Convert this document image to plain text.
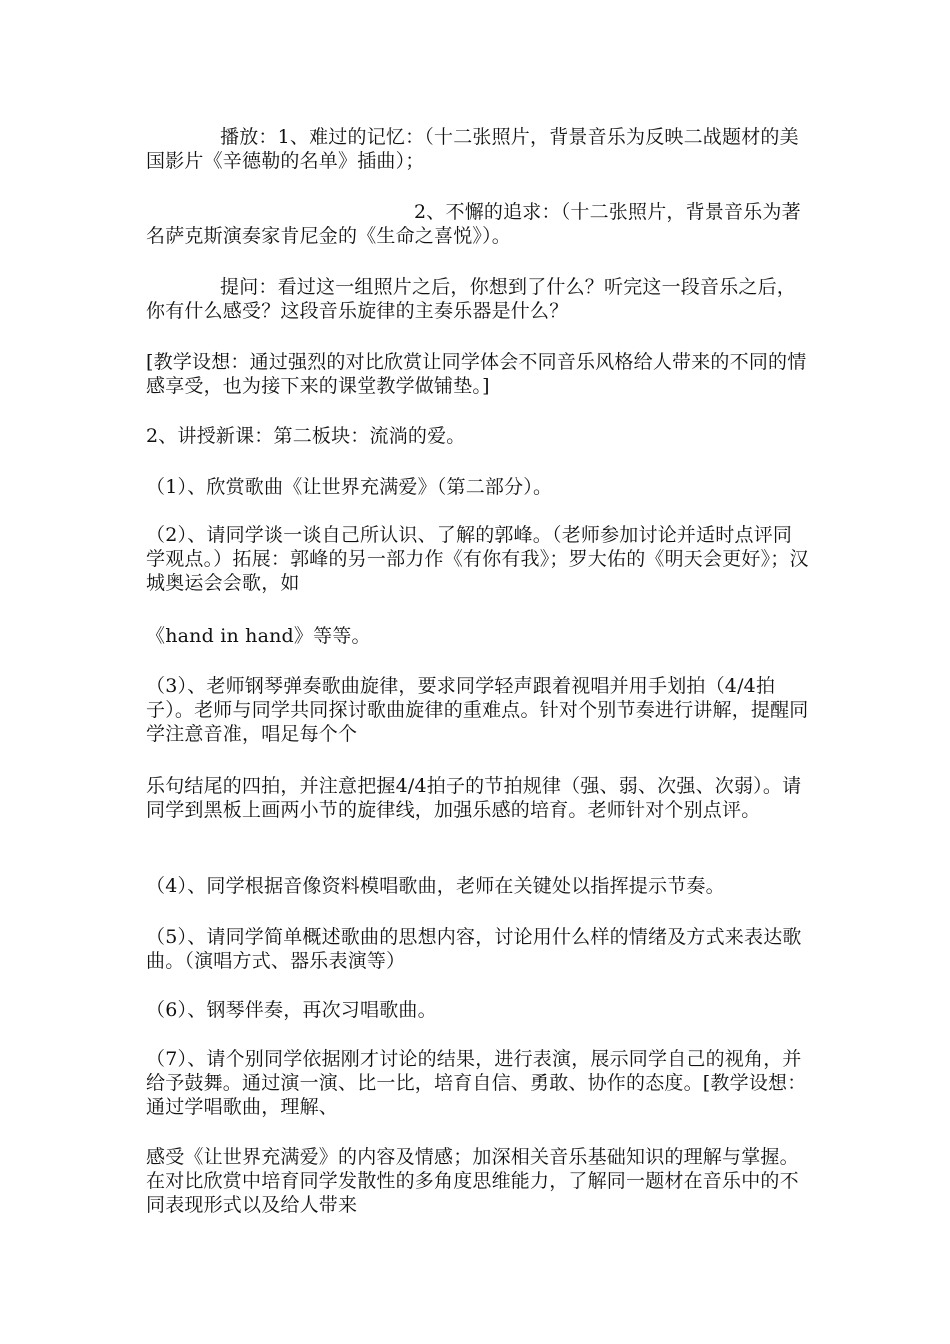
播放：1、难过的记忆：（十二张照片，背景音乐为反映二战题材的美国影片《辛德勒的名单》插曲）；

2、不懈的追求：（十二张照片，背景音乐为著名萨克斯演奏家肯尼金的《生命之喜悦》）。

提问：看过这一组照片之后，你想到了什么？听完这一段音乐之后，你有什么感受？这段音乐旋律的主奏乐器是什么？

[教学设想：通过强烈的对比欣赏让同学体会不同音乐风格给人带来的不同的情感享受，也为接下来的课堂教学做铺垫。]

2、讲授新课：第二板块：流淌的爱。

（1）、欣赏歌曲《让世界充满爱》（第二部分）。

（2）、请同学谈一谈自己所认识、了解的郭峰。（老师参加讨论并适时点评同学观点。）拓展：郭峰的另一部力作《有你有我》；罗大佑的《明天会更好》；汉城奥运会会歌，如

《hand in hand》等等。

（3）、老师钢琴弹奏歌曲旋律，要求同学轻声跟着视唱并用手划拍（4/4拍子）。老师与同学共同探讨歌曲旋律的重难点。针对个别节奏进行讲解，提醒同学注意音准，唱足每个个

乐句结尾的四拍，并注意把握4/4拍子的节拍规律（强、弱、次强、次弱）。请同学到黑板上画两小节的旋律线，加强乐感的培育。老师针对个别点评。

（4）、同学根据音像资料模唱歌曲，老师在关键处以指挥提示节奏。

（5）、请同学简单概述歌曲的思想内容，讨论用什么样的情绪及方式来表达歌曲。（演唱方式、器乐表演等）

（6）、钢琴伴奏，再次习唱歌曲。

（7）、请个别同学依据刚才讨论的结果，进行表演，展示同学自己的视角，并给予鼓舞。通过演一演、比一比，培育自信、勇敢、协作的态度。[教学设想：通过学唱歌曲，理解、

感受《让世界充满爱》的内容及情感；加深相关音乐基础知识的理解与掌握。在对比欣赏中培育同学发散性的多角度思维能力，了解同一题材在音乐中的不同表现形式以及给人带来
